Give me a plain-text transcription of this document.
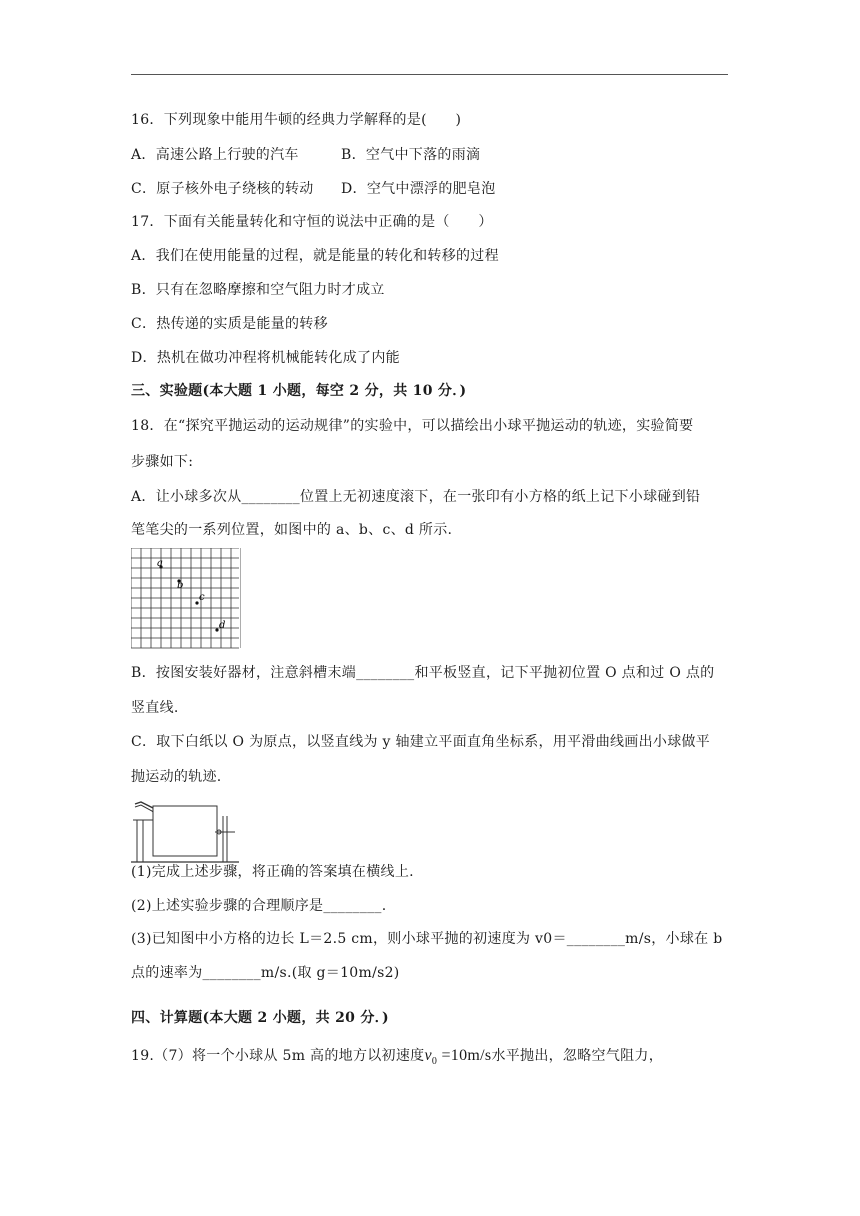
16．下列现象中能用牛顿的经典力学解释的是(　　)
A．高速公路上行驶的汽车	B．空气中下落的雨滴
C．原子核外电子绕核的转动 D．空气中漂浮的肥皂泡
17．下面有关能量转化和守恒的说法中正确的是（　　）
A．我们在使用能量的过程，就是能量的转化和转移的过程
B．只有在忽略摩擦和空气阻力时才成立
C．热传递的实质是能量的转移
D．热机在做功冲程将机械能转化成了内能
三、实验题(本大题 1 小题，每空 2 分，共 10 分．)
18．在“探究平抛运动的运动规律”的实验中，可以描绘出小球平抛运动的轨迹，实验简要
步骤如下:
A．让小球多次从________位置上无初速度滚下，在一张印有小方格的纸上记下小球碰到铅
笔笔尖的一系列位置，如图中的 a、b、c、d 所示.
a
b
c
d
B．按图安装好器材，注意斜槽末端________和平板竖直，记下平抛初位置 O 点和过 O 点的
竖直线.
C．取下白纸以 O 为原点，以竖直线为 y 轴建立平面直角坐标系，用平滑曲线画出小球做平
抛运动的轨迹.
(1)完成上述步骤，将正确的答案填在横线上.
(2)上述实验步骤的合理顺序是________.
(3)已知图中小方格的边长 L＝2.5 cm，则小球平抛的初速度为 v0＝________m/s，小球在 b
点的速率为________m/s.(取 g＝10m/s2)
四、计算题(本大题 2 小题，共 20 分．)
19.（7）将一个小球从 5m 高的地方以初速度$v_0 =10m/s$水平抛出，忽略空气阻力，
